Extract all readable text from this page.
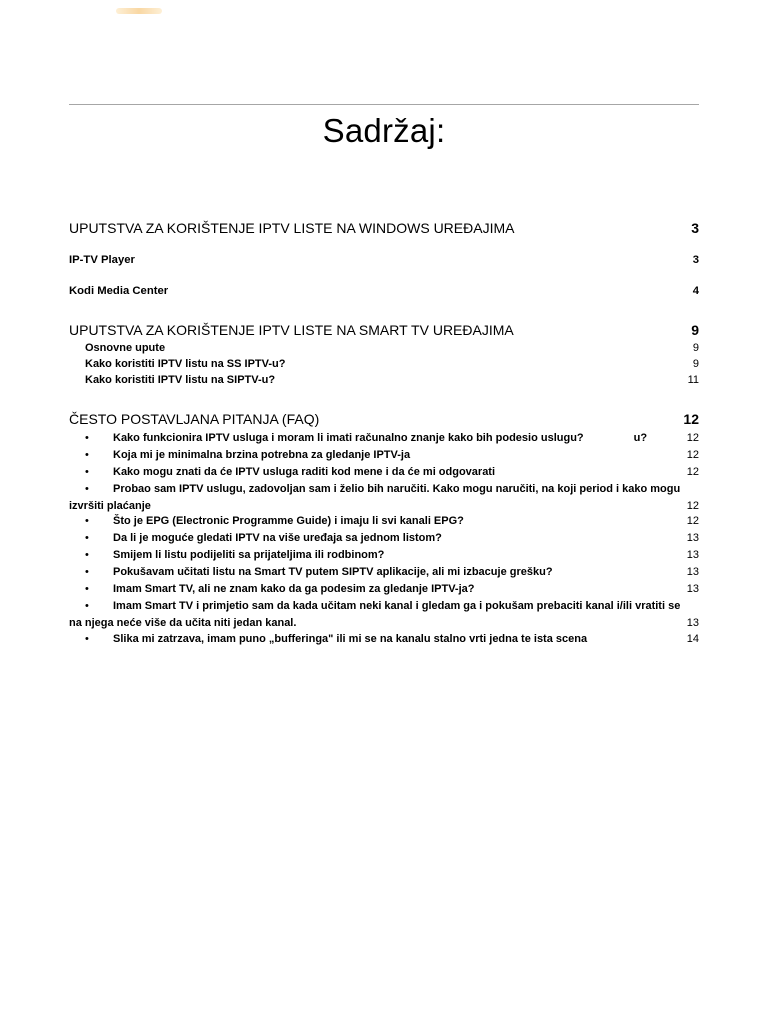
Sadržaj:
UPUTSTVA ZA KORIŠTENJE IPTV LISTE NA WINDOWS UREĐAJIMA	3
IP-TV Player	3
Kodi Media Center	4
UPUTSTVA ZA KORIŠTENJE IPTV LISTE NA SMART TV UREĐAJIMA	9
Osnovne upute	9
Kako koristiti IPTV listu na SS IPTV-u?	9
Kako koristiti IPTV listu na SIPTV-u?	11
ČESTO POSTAVLJANA PITANJA (FAQ)	12
•	Kako funkcionira IPTV usluga i moram li imati računalno znanje kako bih podesio uslugu?	u?	12
•	Koja mi je minimalna brzina potrebna za gledanje IPTV-ja	12
•	Kako mogu znati da će IPTV usluga raditi kod mene i da će mi odgovarati	12
•	Probao sam IPTV uslugu, zadovoljan sam i želio bih naručiti. Kako mogu naručiti, na koji period i kako mogu
izvršiti plaćanje	12
•	Što je EPG (Electronic Programme Guide) i imaju li svi kanali EPG?	12
•	Da li je moguće gledati IPTV na više uređaja sa jednom listom?	13
•	Smijem li listu podijeliti sa prijateljima ili rodbinom?	13
•	Pokušavam učitati listu na Smart TV putem SIPTV aplikacije, ali mi izbacuje grešku?	13
•	Imam Smart TV, ali ne znam kako da ga podesim za gledanje IPTV-ja?	13
•	Imam Smart TV i primjetio sam da kada učitam neki kanal i gledam ga i pokušam prebaciti kanal i/ili vratiti se
na njega neće više da učita niti jedan kanal.	13
•	Slika mi zatrzava, imam puno „bufferinga" ili mi se na kanalu stalno vrti jedna te ista scena	14
